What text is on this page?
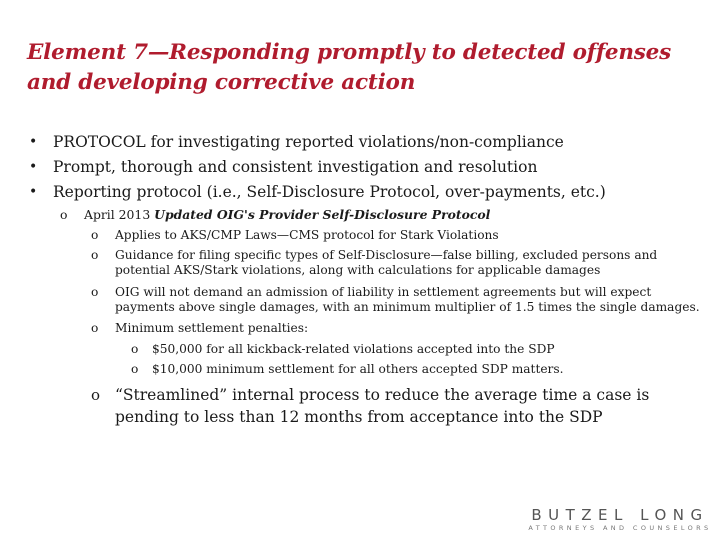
Element 7—Responding promptly to detected offenses
and developing corrective action
•	PROTOCOL for investigating reported violations/non-compliance
•	Prompt, thorough and consistent investigation and resolution
•	Reporting protocol (i.e., Self-Disclosure Protocol, over-payments, etc.)
o	April 2013 Updated OIG's Provider Self-Disclosure Protocol
o	Applies to AKS/CMP Laws—CMS protocol for Stark Violations
o	Guidance for filing specific types of Self-Disclosure—false billing, excluded persons and potential AKS/Stark violations, along with calculations for applicable damages
o	OIG will not demand an admission of liability in settlement agreements but will expect payments above single damages, with an minimum multiplier of 1.5 times the single damages.
o	Minimum settlement penalties:
o	$50,000 for all kickback-related violations accepted into the SDP
o	$10,000 minimum settlement for all others accepted SDP matters.
o “Streamlined” internal process to reduce the average time a case is pending to less than 12 months from acceptance into the SDP
BUTZEL LONG
ATTORNEYS AND COUNSELORS
